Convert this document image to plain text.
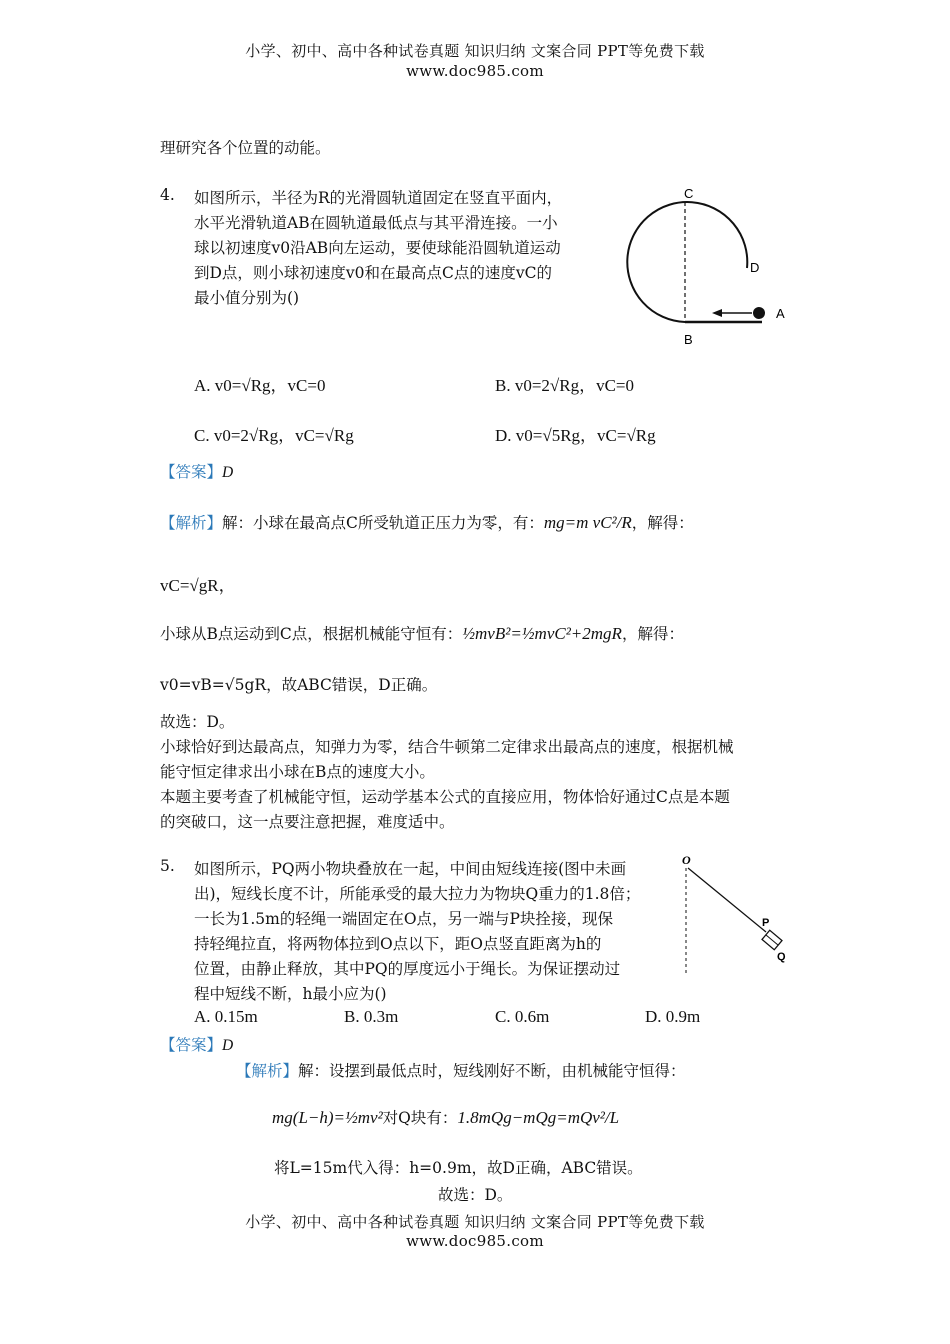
小学、初中、高中各种试卷真题 知识归纳 文案合同 PPT等免费下载
www.doc985.com
理研究各个位置的动能。
4. 如图所示，半径为R的光滑圆轨道固定在竖直平面内，
水平光滑轨道AB在圆轨道最低点与其平滑连接。一小
球以初速度v0沿AB向左运动，要使球能沿圆轨道运动
到D点，则小球初速度v0和在最高点C点的速度vC的
最小值分别为()
C
D
A
B
A. v0=√Rg，vC=0	B. v0=2√Rg，vC=0
C. v0=2√Rg，vC=√Rg	D. v0=√5Rg，vC=√Rg
【答案】D
【解析】解：小球在最高点C所受轨道正压力为零，有：mg=m vC²/R，解得：
vC=√gR，
小球从B点运动到C点，根据机械能守恒有：½mvB²=½mvC²+2mgR，解得：
v0=vB=√5gR，故ABC错误，D正确。
故选：D。
小球恰好到达最高点，知弹力为零，结合牛顿第二定律求出最高点的速度，根据机械
能守恒定律求出小球在B点的速度大小。
本题主要考查了机械能守恒，运动学基本公式的直接应用，物体恰好通过C点是本题
的突破口，这一点要注意把握，难度适中。
5. 如图所示，PQ两小物块叠放在一起，中间由短线连接(图中未画
出)，短线长度不计，所能承受的最大拉力为物块Q重力的1.8倍；
一长为1.5m的轻绳一端固定在O点，另一端与P块拴接，现保
持轻绳拉直，将两物体拉到O点以下，距O点竖直距离为h的
位置，由静止释放，其中PQ的厚度远小于绳长。为保证摆动过
程中短线不断，h最小应为()
O
P
Q
A. 0.15m	B. 0.3m	C. 0.6m	D. 0.9m
【答案】D
【解析】解：设摆到最低点时，短线刚好不断，由机械能守恒得：
mg(L−h)=½mv²对Q块有：1.8mQg−mQg=mQv²/L
将L=15m代入得：h=0.9m，故D正确，ABC错误。
故选：D。
小学、初中、高中各种试卷真题 知识归纳 文案合同 PPT等免费下载
www.doc985.com
